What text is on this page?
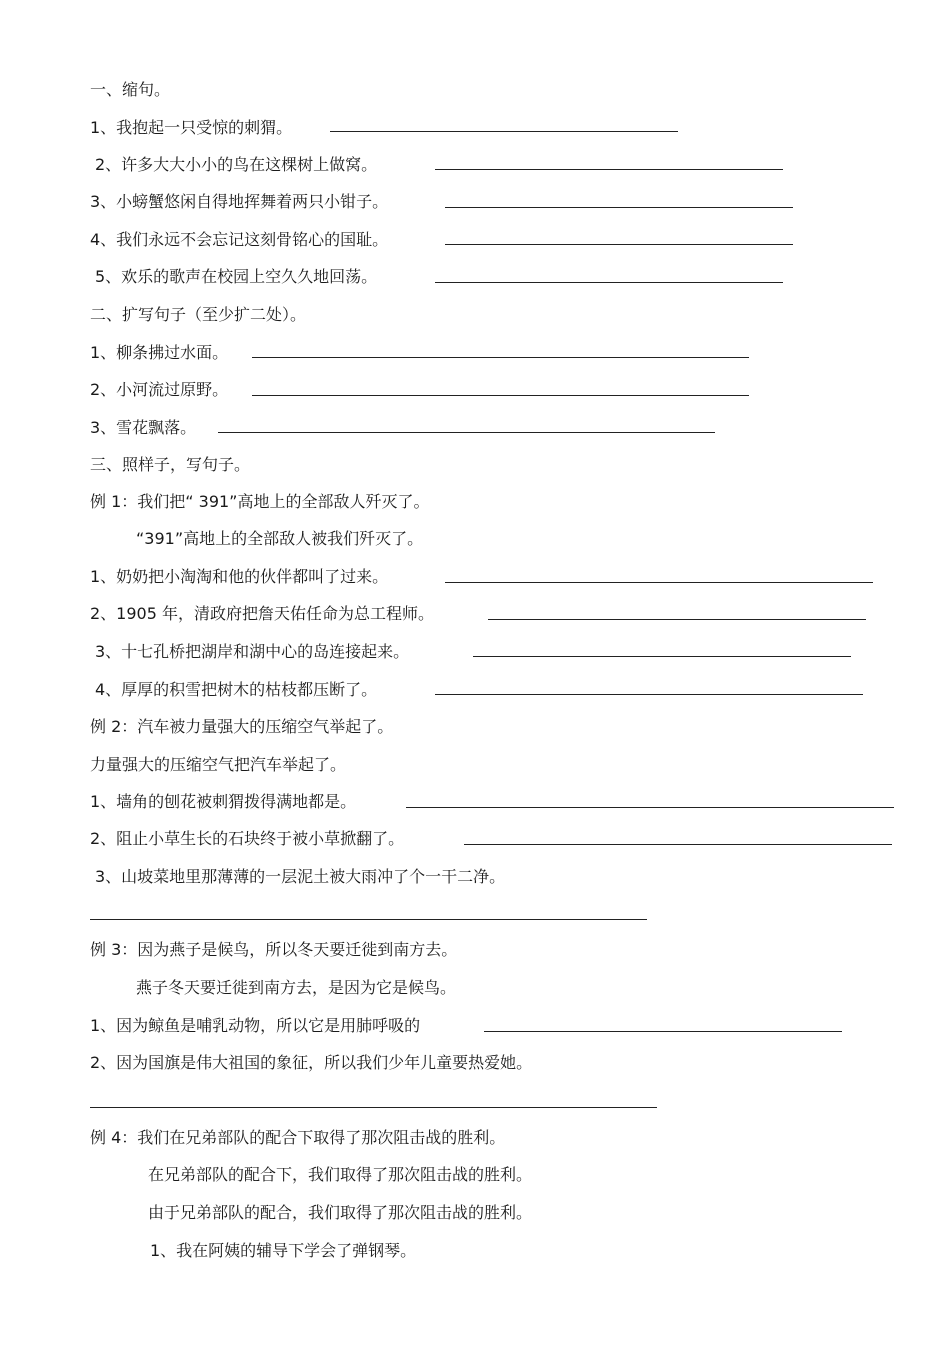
一、缩句。
1、我抱起一只受惊的刺猬。
2、许多大大小小的鸟在这棵树上做窝。
3、小螃蟹悠闲自得地挥舞着两只小钳子。
4、我们永远不会忘记这刻骨铭心的国耻。
5、欢乐的歌声在校园上空久久地回荡。
二、扩写句子（至少扩二处）。
1、柳条拂过水面。
2、小河流过原野。
3、雪花飘落。
三、照样子，写句子。
例 1：我们把“ 391”高地上的全部敌人歼灭了。
“391”高地上的全部敌人被我们歼灭了。
1、奶奶把小淘淘和他的伙伴都叫了过来。
2、1905 年，清政府把詹天佑任命为总工程师。
3、十七孔桥把湖岸和湖中心的岛连接起来。
4、厚厚的积雪把树木的枯枝都压断了。
例 2：汽车被力量强大的压缩空气举起了。
力量强大的压缩空气把汽车举起了。
1、墙角的刨花被刺猬拨得满地都是。
2、阻止小草生长的石块终于被小草掀翻了。
3、山坡菜地里那薄薄的一层泥土被大雨冲了个一干二净。
例 3：因为燕子是候鸟，所以冬天要迁徙到南方去。
燕子冬天要迁徙到南方去，是因为它是候鸟。
1、因为鲸鱼是哺乳动物，所以它是用肺呼吸的
2、因为国旗是伟大祖国的象征，所以我们少年儿童要热爱她。
例 4：我们在兄弟部队的配合下取得了那次阻击战的胜利。
在兄弟部队的配合下，我们取得了那次阻击战的胜利。
由于兄弟部队的配合，我们取得了那次阻击战的胜利。
1、我在阿姨的辅导下学会了弹钢琴。
